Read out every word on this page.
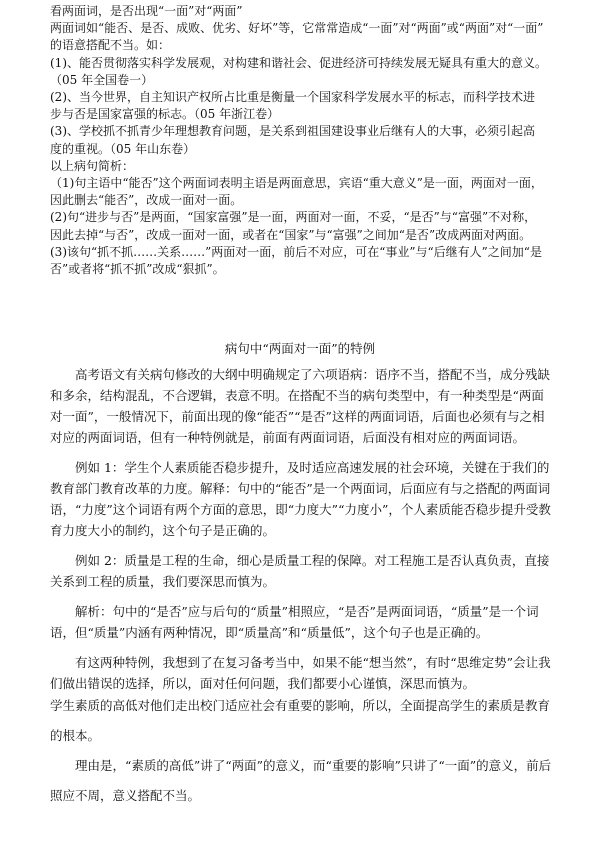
看两面词，是否出现“一面”对“两面”

两面词如“能否、是否、成败、优劣、好坏”等，它常常造成“一面”对“两面”或“两面”对“一面”

的语意搭配不当。如：

(1)、能否贯彻落实科学发展观，对构建和谐社会、促进经济可持续发展无疑具有重大的意义。

（05 年全国卷一）

(2)、当今世界，自主知识产权所占比重是衡量一个国家科学发展水平的标志，而科学技术进

步与否是国家富强的标志。（05 年浙江卷）

(3)、学校抓不抓青少年理想教育问题，是关系到祖国建设事业后继有人的大事，必须引起高

度的重视。（05 年山东卷）

以上病句简析：

（1)句主语中“能否”这个两面词表明主语是两面意思，宾语“重大意义”是一面，两面对一面，

因此删去“能否”，改成一面对一面。

(2)句“进步与否”是两面，“国家富强”是一面，两面对一面，不妥，“是否”与“富强”不对称，

因此去掉“与否”，改成一面对一面，或者在“国家”与“富强”之间加“是否”改成两面对两面。

(3)该句“抓不抓……关系……”两面对一面，前后不对应，可在“事业”与“后继有人”之间加“是

否”或者将“抓不抓”改成“狠抓”。

病句中“两面对一面”的特例

高考语文有关病句修改的大纲中明确规定了六项语病：语序不当，搭配不当，成分残缺和多余，结构混乱，不合逻辑，表意不明。在搭配不当的病句类型中，有一种类型是“两面对一面”，一般情况下，前面出现的像“能否”“是否”这样的两面词语，后面也必须有与之相对应的两面词语，但有一种特例就是，前面有两面词语，后面没有相对应的两面词语。

例如 1：学生个人素质能否稳步提升，及时适应高速发展的社会环境，关键在于我们的教育部门教育改革的力度。解释：句中的“能否”是一个两面词，后面应有与之搭配的两面词语，“力度”这个词语有两个方面的意思，即“力度大”“力度小”，个人素质能否稳步提升受教育力度大小的制约，这个句子是正确的。

例如 2：质量是工程的生命，细心是质量工程的保障。对工程施工是否认真负责，直接关系到工程的质量，我们要深思而慎为。

解析：句中的“是否”应与后句的“质量”相照应，“是否”是两面词语，“质量”是一个词语，但“质量”内涵有两种情况，即“质量高”和“质量低”，这个句子也是正确的。

有这两种特例，我想到了在复习备考当中，如果不能“想当然”，有时“思维定势”会让我们做出错误的选择，所以，面对任何问题，我们都要小心谨慎，深思而慎为。

学生素质的高低对他们走出校门适应社会有重要的影响，所以，全面提高学生的素质是教育的根本。

理由是，“素质的高低”讲了“两面”的意义，而“重要的影响”只讲了“一面”的意义，前后照应不周，意义搭配不当。
